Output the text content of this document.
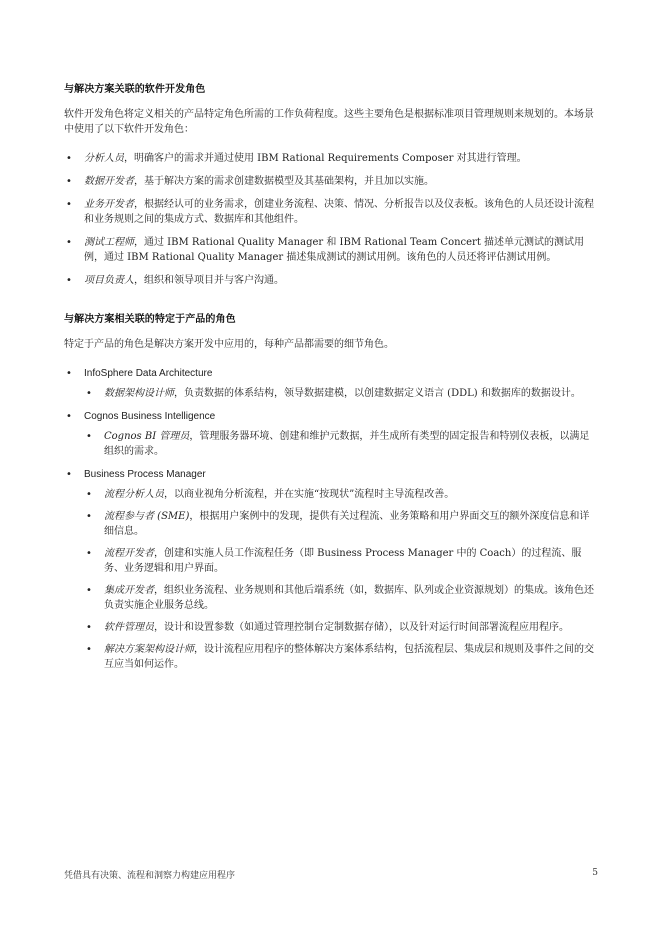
与解决方案关联的软件开发角色

软件开发角色将定义相关的产品特定角色所需的工作负荷程度。这些主要角色是根据标准项目管理规则来规划的。本场景中使用了以下软件开发角色：

• 分析人员，明确客户的需求并通过使用 IBM Rational Requirements Composer 对其进行管理。
• 数据开发者，基于解决方案的需求创建数据模型及其基础架构，并且加以实施。
• 业务开发者，根据经认可的业务需求，创建业务流程、决策、情况、分析报告以及仪表板。该角色的人员还设计流程和业务规则之间的集成方式、数据库和其他组件。
• 测试工程师，通过 IBM Rational Quality Manager 和 IBM Rational Team Concert 描述单元测试的测试用例，通过 IBM Rational Quality Manager 描述集成测试的测试用例。该角色的人员还将评估测试用例。
• 项目负责人，组织和领导项目并与客户沟通。
与解决方案相关联的特定于产品的角色

特定于产品的角色是解决方案开发中应用的，每种产品都需要的细节角色。

• InfoSphere Data Architecture
• 数据架构设计师，负责数据的体系结构，领导数据建模，以创建数据定义语言 (DDL) 和数据库的数据设计。
• Cognos Business Intelligence
• Cognos BI 管理员，管理服务器环境、创建和维护元数据，并生成所有类型的固定报告和特别仪表板，以满足组织的需求。
• Business Process Manager
• 流程分析人员，以商业视角分析流程，并在实施“按现状”流程时主导流程改善。
• 流程参与者 (SME)，根据用户案例中的发现，提供有关过程流、业务策略和用户界面交互的额外深度信息和详细信息。
• 流程开发者，创建和实施人员工作流程任务（即 Business Process Manager 中的 Coach）的过程流、服务、业务逻辑和用户界面。
• 集成开发者，组织业务流程、业务规则和其他后端系统（如，数据库、队列或企业资源规划）的集成。该角色还负责实施企业服务总线。
• 软件管理员，设计和设置参数（如通过管理控制台定制数据存储），以及针对运行时间部署流程应用程序。
• 解决方案架构设计师，设计流程应用程序的整体解决方案体系结构，包括流程层、集成层和规则及事件之间的交互应当如何运作。
凭借具有决策、流程和洞察力构建应用程序	5
